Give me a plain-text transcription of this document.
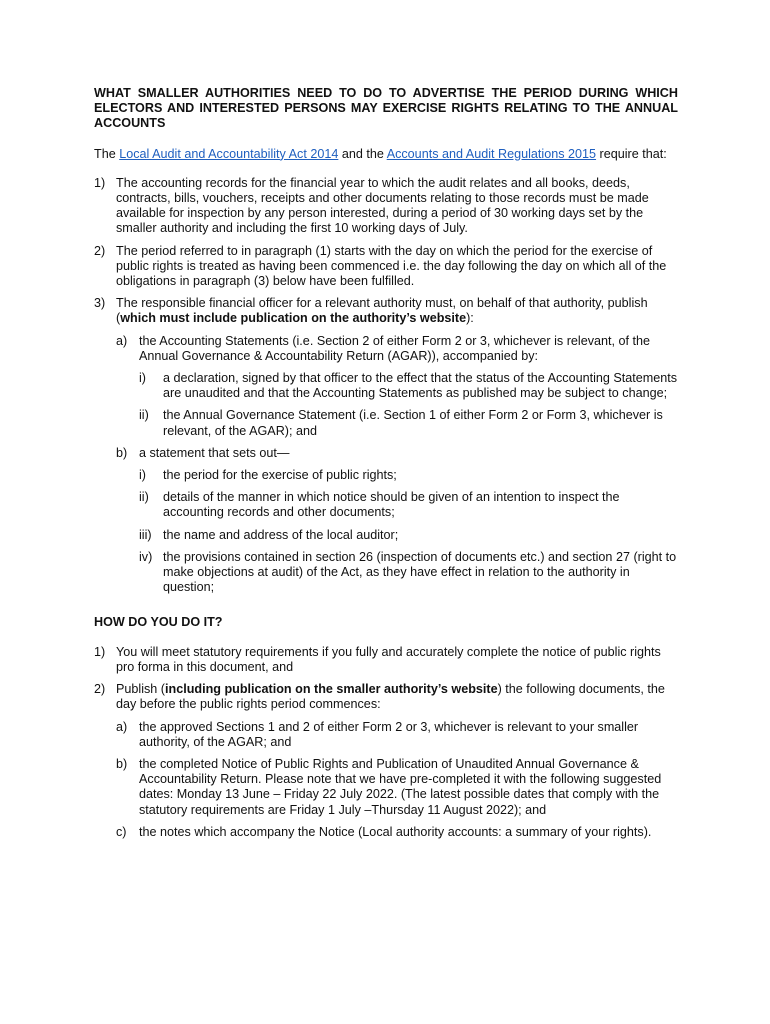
WHAT SMALLER AUTHORITIES NEED TO DO TO ADVERTISE THE PERIOD DURING WHICH ELECTORS AND INTERESTED PERSONS MAY EXERCISE RIGHTS RELATING TO THE ANNUAL ACCOUNTS
The Local Audit and Accountability Act 2014 and the Accounts and Audit Regulations 2015 require that:
1) The accounting records for the financial year to which the audit relates and all books, deeds, contracts, bills, vouchers, receipts and other documents relating to those records must be made available for inspection by any person interested, during a period of 30 working days set by the smaller authority and including the first 10 working days of July.
2) The period referred to in paragraph (1) starts with the day on which the period for the exercise of public rights is treated as having been commenced i.e. the day following the day on which all of the obligations in paragraph (3) below have been fulfilled.
3) The responsible financial officer for a relevant authority must, on behalf of that authority, publish (which must include publication on the authority’s website):
a) the Accounting Statements (i.e. Section 2 of either Form 2 or 3, whichever is relevant, of the Annual Governance & Accountability Return (AGAR)), accompanied by:
i) a declaration, signed by that officer to the effect that the status of the Accounting Statements are unaudited and that the Accounting Statements as published may be subject to change;
ii) the Annual Governance Statement (i.e. Section 1 of either Form 2 or Form 3, whichever is relevant, of the AGAR); and
b) a statement that sets out—
i) the period for the exercise of public rights;
ii) details of the manner in which notice should be given of an intention to inspect the accounting records and other documents;
iii) the name and address of the local auditor;
iv) the provisions contained in section 26 (inspection of documents etc.) and section 27 (right to make objections at audit) of the Act, as they have effect in relation to the authority in question;
HOW DO YOU DO IT?
1) You will meet statutory requirements if you fully and accurately complete the notice of public rights pro forma in this document, and
2) Publish (including publication on the smaller authority’s website) the following documents, the day before the public rights period commences:
a) the approved Sections 1 and 2 of either Form 2 or 3, whichever is relevant to your smaller authority, of the AGAR; and
b) the completed Notice of Public Rights and Publication of Unaudited Annual Governance & Accountability Return. Please note that we have pre-completed it with the following suggested dates: Monday 13 June – Friday 22 July 2022. (The latest possible dates that comply with the statutory requirements are Friday 1 July –Thursday 11 August 2022); and
c) the notes which accompany the Notice (Local authority accounts: a summary of your rights).
